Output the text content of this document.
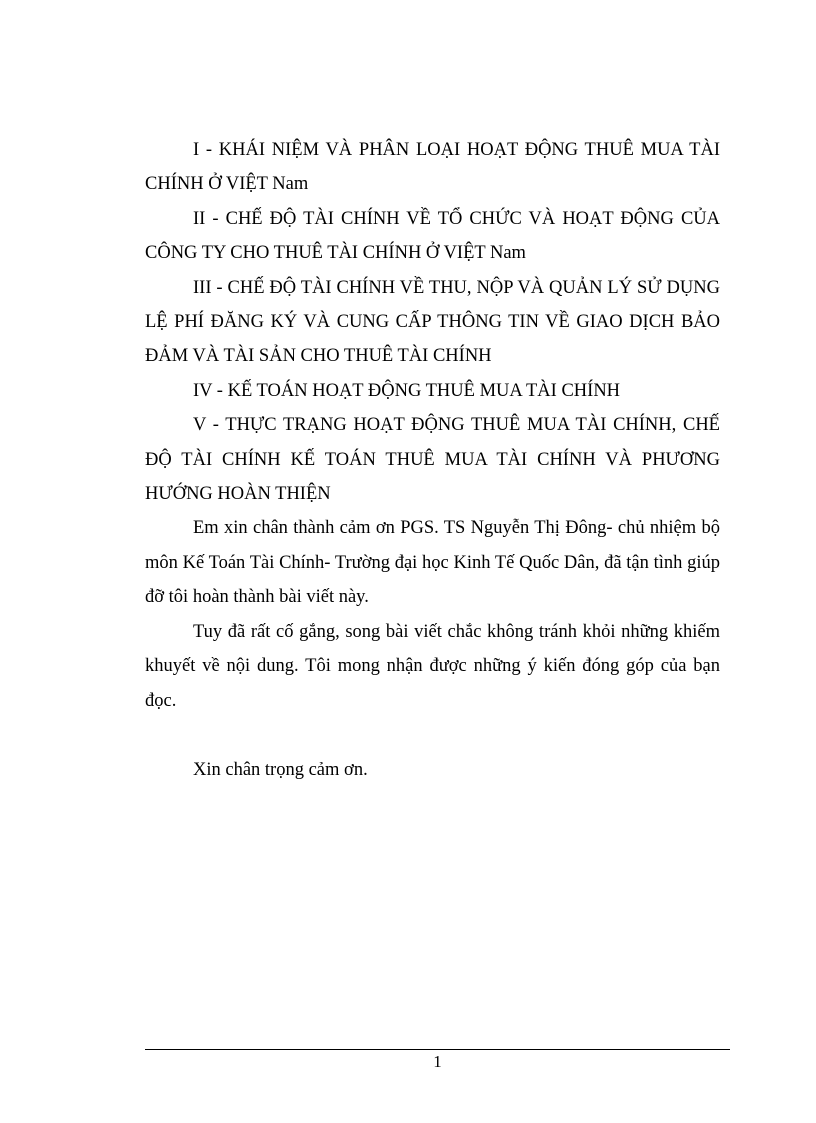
I - KHÁI NIỆM VÀ PHÂN LOẠI HOẠT ĐỘNG THUÊ MUA TÀI CHÍNH Ở VIỆT Nam

II - CHẾ ĐỘ TÀI CHÍNH VỀ TỔ CHỨC VÀ HOẠT ĐỘNG CỦA CÔNG TY CHO THUÊ TÀI CHÍNH Ở VIỆT Nam

III - CHẾ ĐỘ TÀI CHÍNH VỀ THU, NỘP VÀ QUẢN LÝ SỬ DỤNG LỆ PHÍ ĐĂNG KÝ VÀ CUNG CẤP THÔNG TIN VỀ GIAO DỊCH BẢO ĐẢM VÀ TÀI SẢN CHO THUÊ TÀI CHÍNH

IV - KẾ TOÁN HOẠT ĐỘNG THUÊ MUA TÀI CHÍNH

V - THỰC TRẠNG HOẠT ĐỘNG THUÊ MUA TÀI CHÍNH, CHẾ ĐỘ TÀI CHÍNH KẾ TOÁN THUÊ MUA TÀI CHÍNH VÀ PHƯƠNG HƯỚNG HOÀN THIỆN

Em xin chân thành cảm ơn PGS. TS Nguyễn Thị Đông- chủ nhiệm bộ môn Kế Toán Tài Chính- Trường đại học Kinh Tế Quốc Dân, đã tận tình giúp đỡ tôi hoàn thành bài viết này.

Tuy đã rất cố gắng, song bài viết chắc không tránh khỏi những khiếm khuyết về nội dung. Tôi mong nhận được những ý kiến đóng góp của bạn đọc.

Xin chân trọng cảm ơn.

1
